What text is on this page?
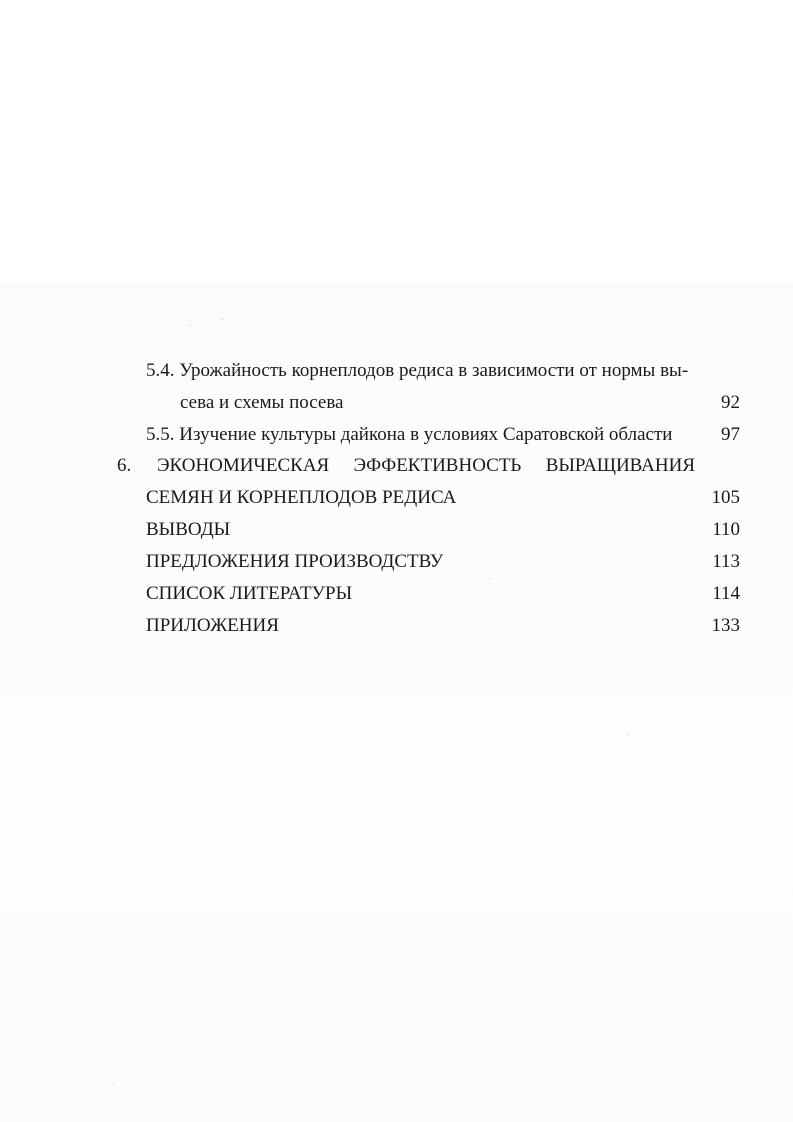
5.4. Урожайность корнеплодов редиса в зависимости от нормы вы-
сева и схемы посева	92
5.5. Изучение культуры дайкона в условиях Саратовской области	97
6. ЭКОНОМИЧЕСКАЯ ЭФФЕКТИВНОСТЬ ВЫРАЩИВАНИЯ
СЕМЯН И КОРНЕПЛОДОВ РЕДИСА	105
ВЫВОДЫ	110
ПРЕДЛОЖЕНИЯ ПРОИЗВОДСТВУ	113
СПИСОК ЛИТЕРАТУРЫ	114
ПРИЛОЖЕНИЯ	133
